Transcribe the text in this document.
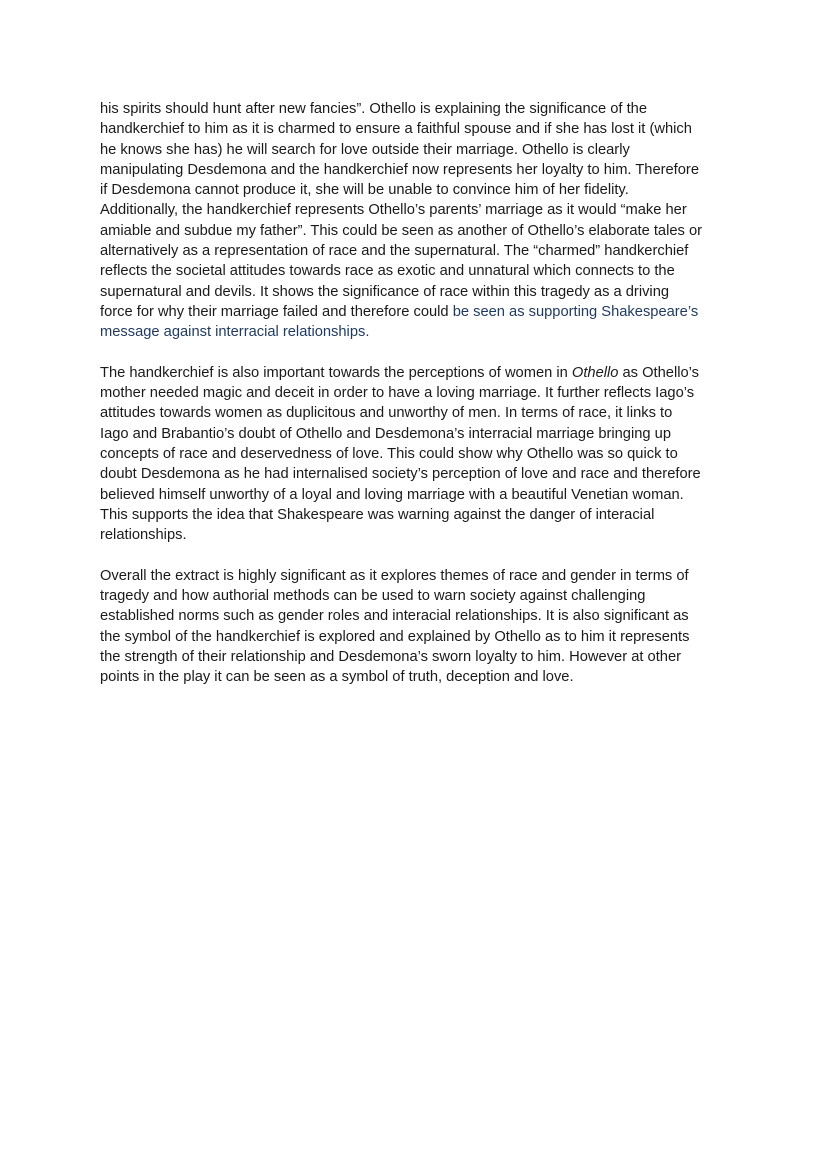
his spirits should hunt after new fancies”. Othello is explaining the significance of the
handkerchief to him as it is charmed to ensure a faithful spouse and if she has lost it (which
he knows she has) he will search for love outside their marriage. Othello is clearly
manipulating Desdemona and the handkerchief now represents her loyalty to him. Therefore
if Desdemona cannot produce it, she will be unable to convince him of her fidelity.
Additionally, the handkerchief represents Othello’s parents’ marriage as it would “make her
amiable and subdue my father”. This could be seen as another of Othello’s elaborate tales or
alternatively as a representation of race and the supernatural. The “charmed” handkerchief
reflects the societal attitudes towards race as exotic and unnatural which connects to the
supernatural and devils. It shows the significance of race within this tragedy as a driving
force for why their marriage failed and therefore could be seen as supporting Shakespeare’s
message against interracial relationships.

The handkerchief is also important towards the perceptions of women in Othello as Othello’s
mother needed magic and deceit in order to have a loving marriage. It further reflects Iago’s
attitudes towards women as duplicitous and unworthy of men. In terms of race, it links to
Iago and Brabantio’s doubt of Othello and Desdemona’s interracial marriage bringing up
concepts of race and deservedness of love. This could show why Othello was so quick to
doubt Desdemona as he had internalised society’s perception of love and race and therefore
believed himself unworthy of a loyal and loving marriage with a beautiful Venetian woman.
This supports the idea that Shakespeare was warning against the danger of interacial
relationships.

Overall the extract is highly significant as it explores themes of race and gender in terms of
tragedy and how authorial methods can be used to warn society against challenging
established norms such as gender roles and interacial relationships. It is also significant as
the symbol of the handkerchief is explored and explained by Othello as to him it represents
the strength of their relationship and Desdemona’s sworn loyalty to him. However at other
points in the play it can be seen as a symbol of truth, deception and love.
